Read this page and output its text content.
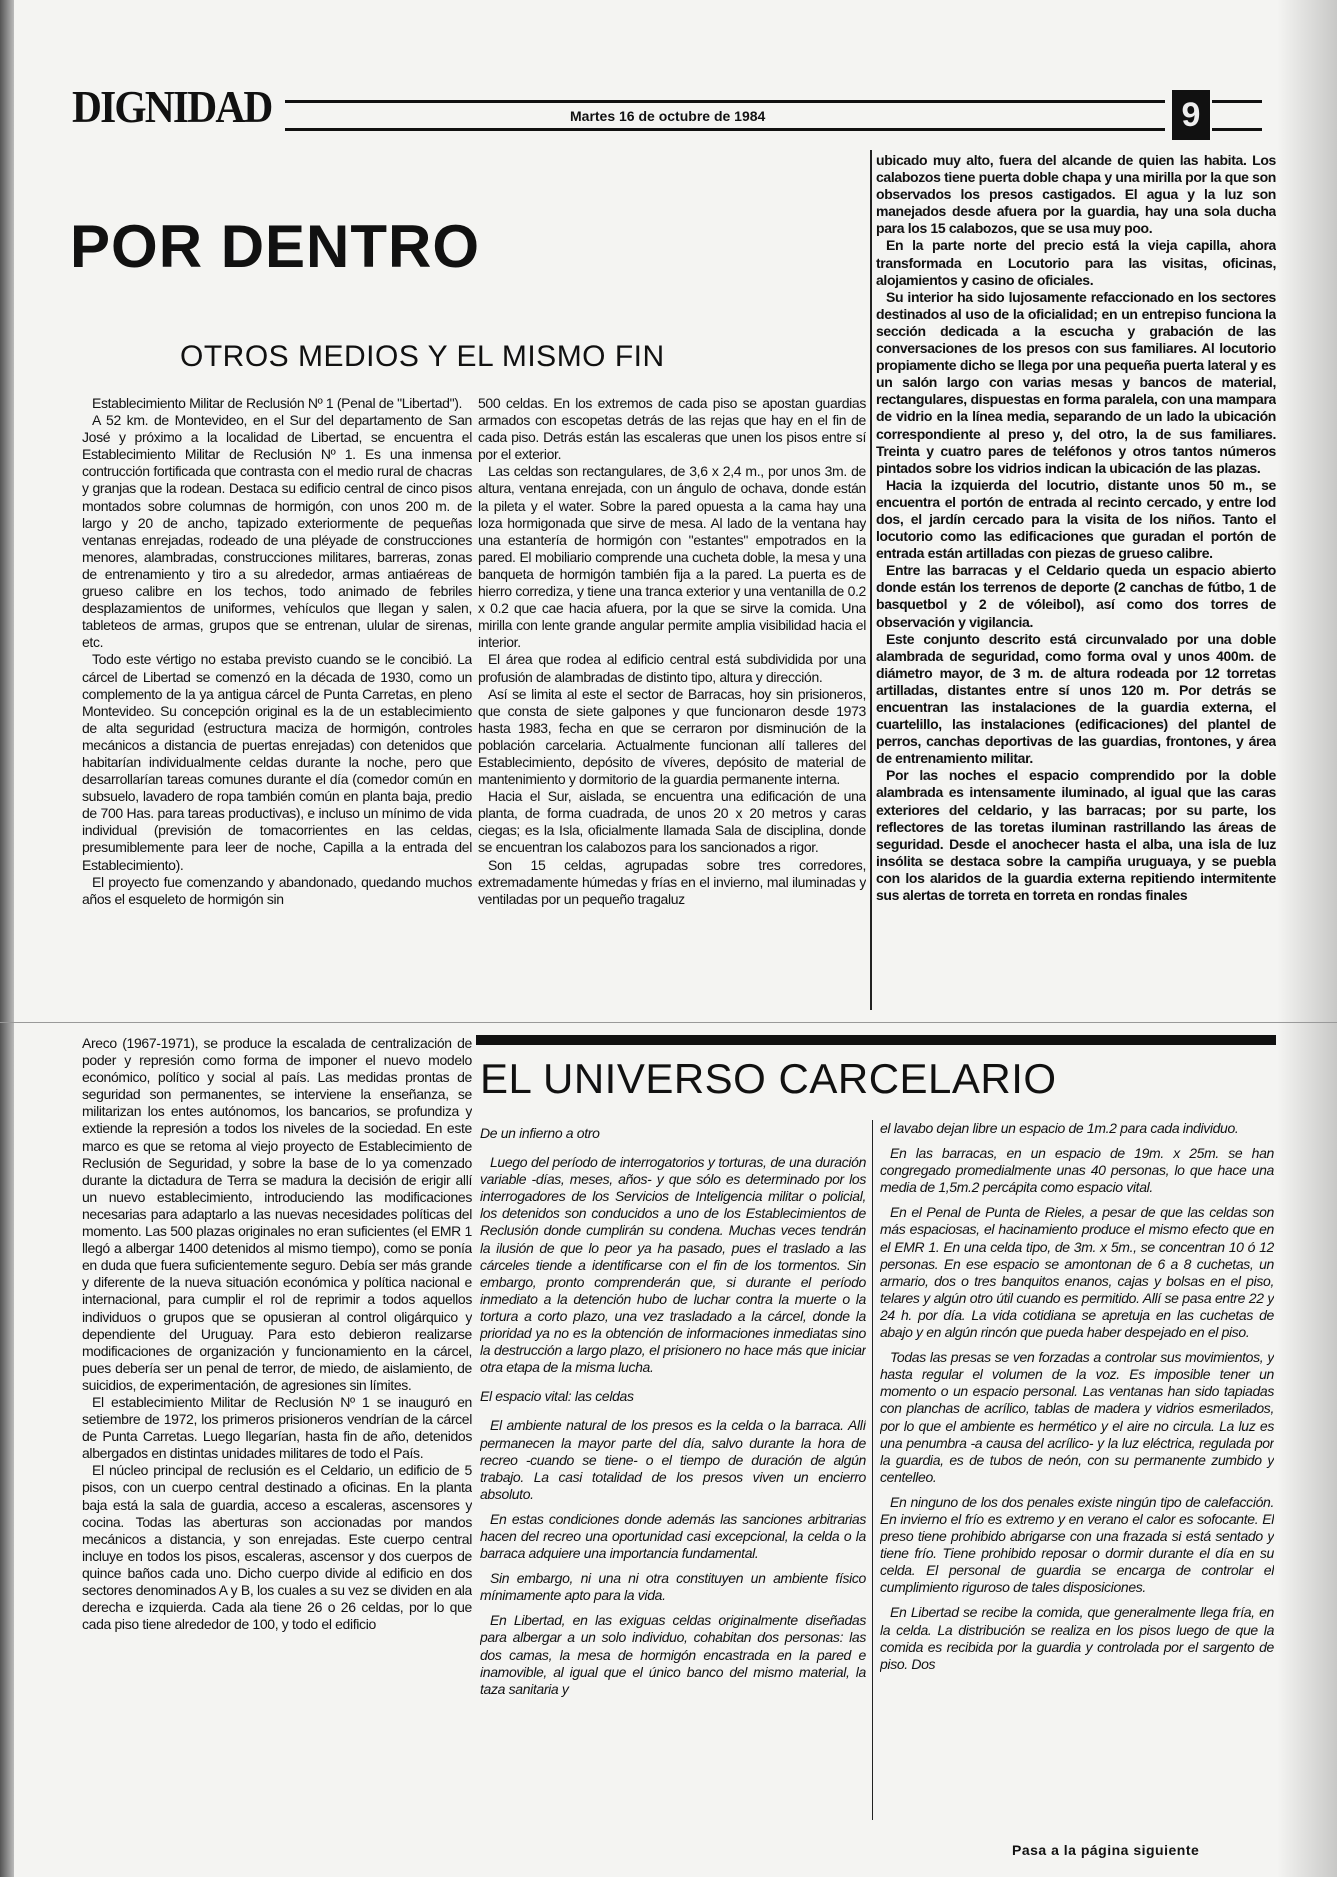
DIGNIDAD	Martes 16 de octubre de 1984	9
POR DENTRO
OTROS MEDIOS Y EL MISMO FIN

Establecimiento Militar de Reclusión Nº 1 (Penal de "Libertad").

A 52 km. de Montevideo, en el Sur del departamento de San José y próximo a la localidad de Libertad, se encuentra el Establecimiento Militar de Reclusión Nº 1. Es una inmensa contrucción fortificada que contrasta con el medio rural de chacras y granjas que la rodean. Destaca su edificio central de cinco pisos montados sobre columnas de hormigón, con unos 200 m. de largo y 20 de ancho, tapizado exteriormente de pequeñas ventanas enrejadas, rodeado de una pléyade de construcciones menores, alambradas, construcciones militares, barreras, zonas de entrenamiento y tiro a su alrededor, armas antiaéreas de grueso calibre en los techos, todo animado de febriles desplazamientos de uniformes, vehículos que llegan y salen, tableteos de armas, grupos que se entrenan, ulular de sirenas, etc.

Todo este vértigo no estaba previsto cuando se le concibió. La cárcel de Libertad se comenzó en la década de 1930, como un complemento de la ya antigua cárcel de Punta Carretas, en pleno Montevideo. Su concepción original es la de un establecimiento de alta seguridad (estructura maciza de hormigón, controles mecánicos a distancia de puertas enrejadas) con detenidos que habitarían individualmente celdas durante la noche, pero que desarrollarían tareas comunes durante el día (comedor común en subsuelo, lavadero de ropa también común en planta baja, predio de 700 Has. para tareas productivas), e incluso un mínimo de vida individual (previsión de tomacorrientes en las celdas, presumiblemente para leer de noche, Capilla a la entrada del Establecimiento).

El proyecto fue comenzando y abandonado, quedando muchos años el esqueleto de hormigón sin

500 celdas. En los extremos de cada piso se apostan guardias armados con escopetas detrás de las rejas que hay en el fin de cada piso. Detrás están las escaleras que unen los pisos entre sí por el exterior.

Las celdas son rectangulares, de 3,6 x 2,4 m., por unos 3m. de altura, ventana enrejada, con un ángulo de ochava, donde están la pileta y el water. Sobre la pared opuesta a la cama hay una loza hormigonada que sirve de mesa. Al lado de la ventana hay una estantería de hormigón con "estantes" empotrados en la pared. El mobiliario comprende una cucheta doble, la mesa y una banqueta de hormigón también fija a la pared. La puerta es de hierro corrediza, y tiene una tranca exterior y una ventanilla de 0.2 x 0.2 que cae hacia afuera, por la que se sirve la comida. Una mirilla con lente grande angular permite amplia visibilidad hacia el interior.

El área que rodea al edificio central está subdividida por una profusión de alambradas de distinto tipo, altura y dirección.

Así se limita al este el sector de Barracas, hoy sin prisioneros, que consta de siete galpones y que funcionaron desde 1973 hasta 1983, fecha en que se cerraron por disminución de la población carcelaria. Actualmente funcionan allí talleres del Establecimiento, depósito de víveres, depósito de material de mantenimiento y dormitorio de la guardia permanente interna.

Hacia el Sur, aislada, se encuentra una edificación de una planta, de forma cuadrada, de unos 20 x 20 metros y caras ciegas; es la Isla, oficialmente llamada Sala de disciplina, donde se encuentran los calabozos para los sancionados a rigor.

Son 15 celdas, agrupadas sobre tres corredores, extremadamente húmedas y frías en el invierno, mal iluminadas y ventiladas por un pequeño tragaluz

ubicado muy alto, fuera del alcande de quien las habita. Los calabozos tiene puerta doble chapa y una mirilla por la que son observados los presos castigados. El agua y la luz son manejados desde afuera por la guardia, hay una sola ducha para los 15 calabozos, que se usa muy poo.

En la parte norte del precio está la vieja capilla, ahora transformada en Locutorio para las visitas, oficinas, alojamientos y casino de oficiales.

Su interior ha sido lujosamente refaccionado en los sectores destinados al uso de la oficialidad; en un entrepiso funciona la sección dedicada a la escucha y grabación de las conversaciones de los presos con sus familiares. Al locutorio propiamente dicho se llega por una pequeña puerta lateral y es un salón largo con varias mesas y bancos de material, rectangulares, dispuestas en forma paralela, con una mampara de vidrio en la línea media, separando de un lado la ubicación correspondiente al preso y, del otro, la de sus familiares. Treinta y cuatro pares de teléfonos y otros tantos números pintados sobre los vidrios indican la ubicación de las plazas.

Hacia la izquierda del locutrio, distante unos 50 m., se encuentra el portón de entrada al recinto cercado, y entre lod dos, el jardín cercado para la visita de los niños. Tanto el locutorio como las edificaciones que guradan el portón de entrada están artilladas con piezas de grueso calibre.

Entre las barracas y el Celdario queda un espacio abierto donde están los terrenos de deporte (2 canchas de fútbo, 1 de basquetbol y 2 de vóleibol), así como dos torres de observación y vigilancia.

Este conjunto descrito está circunvalado por una doble alambrada de seguridad, como forma oval y unos 400m. de diámetro mayor, de 3 m. de altura rodeada por 12 torretas artilladas, distantes entre sí unos 120 m. Por detrás se encuentran las instalaciones de la guardia externa, el cuartelillo, las instalaciones (edificaciones) del plantel de perros, canchas deportivas de las guardias, frontones, y área de entrenamiento militar.

Por las noches el espacio comprendido por la doble alambrada es intensamente iluminado, al igual que las caras exteriores del celdario, y las barracas; por su parte, los reflectores de las toretas iluminan rastrillando las áreas de seguridad. Desde el anochecer hasta el alba, una isla de luz insólita se destaca sobre la campiña uruguaya, y se puebla con los alaridos de la guardia externa repitiendo intermitente sus alertas de torreta en torreta en rondas finales

Areco (1967-1971), se produce la escalada de centralización de poder y represión como forma de imponer el nuevo modelo económico, político y social al país. Las medidas prontas de seguridad son permanentes, se interviene la enseñanza, se militarizan los entes autónomos, los bancarios, se profundiza y extiende la represión a todos los niveles de la sociedad. En este marco es que se retoma al viejo proyecto de Establecimiento de Reclusión de Seguridad, y sobre la base de lo ya comenzado durante la dictadura de Terra se madura la decisión de erigir allí un nuevo establecimiento, introduciendo las modificaciones necesarias para adaptarlo a las nuevas necesidades políticas del momento. Las 500 plazas originales no eran suficientes (el EMR 1 llegó a albergar 1400 detenidos al mismo tiempo), como se ponía en duda que fuera suficientemente seguro. Debía ser más grande y diferente de la nueva situación económica y política nacional e internacional, para cumplir el rol de reprimir a todos aquellos individuos o grupos que se opusieran al control oligárquico y dependiente del Uruguay. Para esto debieron realizarse modificaciones de organización y funcionamiento en la cárcel, pues debería ser un penal de terror, de miedo, de aislamiento, de suicidios, de experimentación, de agresiones sin límites.

El establecimiento Militar de Reclusión Nº 1 se inauguró en setiembre de 1972, los primeros prisioneros vendrían de la cárcel de Punta Carretas. Luego llegarían, hasta fin de año, detenidos albergados en distintas unidades militares de todo el País.

El núcleo principal de reclusión es el Celdario, un edificio de 5 pisos, con un cuerpo central destinado a oficinas. En la planta baja está la sala de guardia, acceso a escaleras, ascensores y cocina. Todas las aberturas son accionadas por mandos mecánicos a distancia, y son enrejadas. Este cuerpo central incluye en todos los pisos, escaleras, ascensor y dos cuerpos de quince baños cada uno. Dicho cuerpo divide al edificio en dos sectores denominados A y B, los cuales a su vez se dividen en ala derecha e izquierda. Cada ala tiene 26 o 26 celdas, por lo que cada piso tiene alrededor de 100, y todo el edificio

EL UNIVERSO CARCELARIO
De un infierno a otro

Luego del período de interrogatorios y torturas, de una duración variable -días, meses, años- y que sólo es determinado por los interrogadores de los Servicios de Inteligencia militar o policial, los detenidos son conducidos a uno de los Establecimientos de Reclusión donde cumplirán su condena. Muchas veces tendrán la ilusión de que lo peor ya ha pasado, pues el traslado a las cárceles tiende a identificarse con el fin de los tormentos. Sin embargo, pronto comprenderán que, si durante el período inmediato a la detención hubo de luchar contra la muerte o la tortura a corto plazo, una vez trasladado a la cárcel, donde la prioridad ya no es la obtención de informaciones inmediatas sino la destrucción a largo plazo, el prisionero no hace más que iniciar otra etapa de la misma lucha.

El espacio vital: las celdas

El ambiente natural de los presos es la celda o la barraca. Allí permanecen la mayor parte del día, salvo durante la hora de recreo -cuando se tiene- o el tiempo de duración de algún trabajo. La casi totalidad de los presos viven un encierro absoluto.

En estas condiciones donde además las sanciones arbitrarias hacen del recreo una oportunidad casi excepcional, la celda o la barraca adquiere una importancia fundamental.

Sin embargo, ni una ni otra constituyen un ambiente físico mínimamente apto para la vida.

En Libertad, en las exiguas celdas originalmente diseñadas para albergar a un solo individuo, cohabitan dos personas: las dos camas, la mesa de hormigón encastrada en la pared e inamovible, al igual que el único banco del mismo material, la taza sanitaria y

el lavabo dejan libre un espacio de 1m.2 para cada individuo.

En las barracas, en un espacio de 19m. x 25m. se han congregado promedialmente unas 40 personas, lo que hace una media de 1,5m.2 percápita como espacio vital.

En el Penal de Punta de Rieles, a pesar de que las celdas son más espaciosas, el hacinamiento produce el mismo efecto que en el EMR 1. En una celda tipo, de 3m. x 5m., se concentran 10 ó 12 personas. En ese espacio se amontonan de 6 a 8 cuchetas, un armario, dos o tres banquitos enanos, cajas y bolsas en el piso, telares y algún otro útil cuando es permitido. Allí se pasa entre 22 y 24 h. por día. La vida cotidiana se apretuja en las cuchetas de abajo y en algún rincón que pueda haber despejado en el piso.

Todas las presas se ven forzadas a controlar sus movimientos, y hasta regular el volumen de la voz. Es imposible tener un momento o un espacio personal. Las ventanas han sido tapiadas con planchas de acrílico, tablas de madera y vidrios esmerilados, por lo que el ambiente es hermético y el aire no circula. La luz es una penumbra -a causa del acrílico- y la luz eléctrica, regulada por la guardia, es de tubos de neón, con su permanente zumbido y centelleo.

En ninguno de los dos penales existe ningún tipo de calefacción. En invierno el frío es extremo y en verano el calor es sofocante. El preso tiene prohibido abrigarse con una frazada si está sentado y tiene frío. Tiene prohibido reposar o dormir durante el día en su celda. El personal de guardia se encarga de controlar el cumplimiento riguroso de tales disposiciones.

En Libertad se recibe la comida, que generalmente llega fría, en la celda. La distribución se realiza en los pisos luego de que la comida es recibida por la guardia y controlada por el sargento de piso. Dos

Pasa a la página siguiente
